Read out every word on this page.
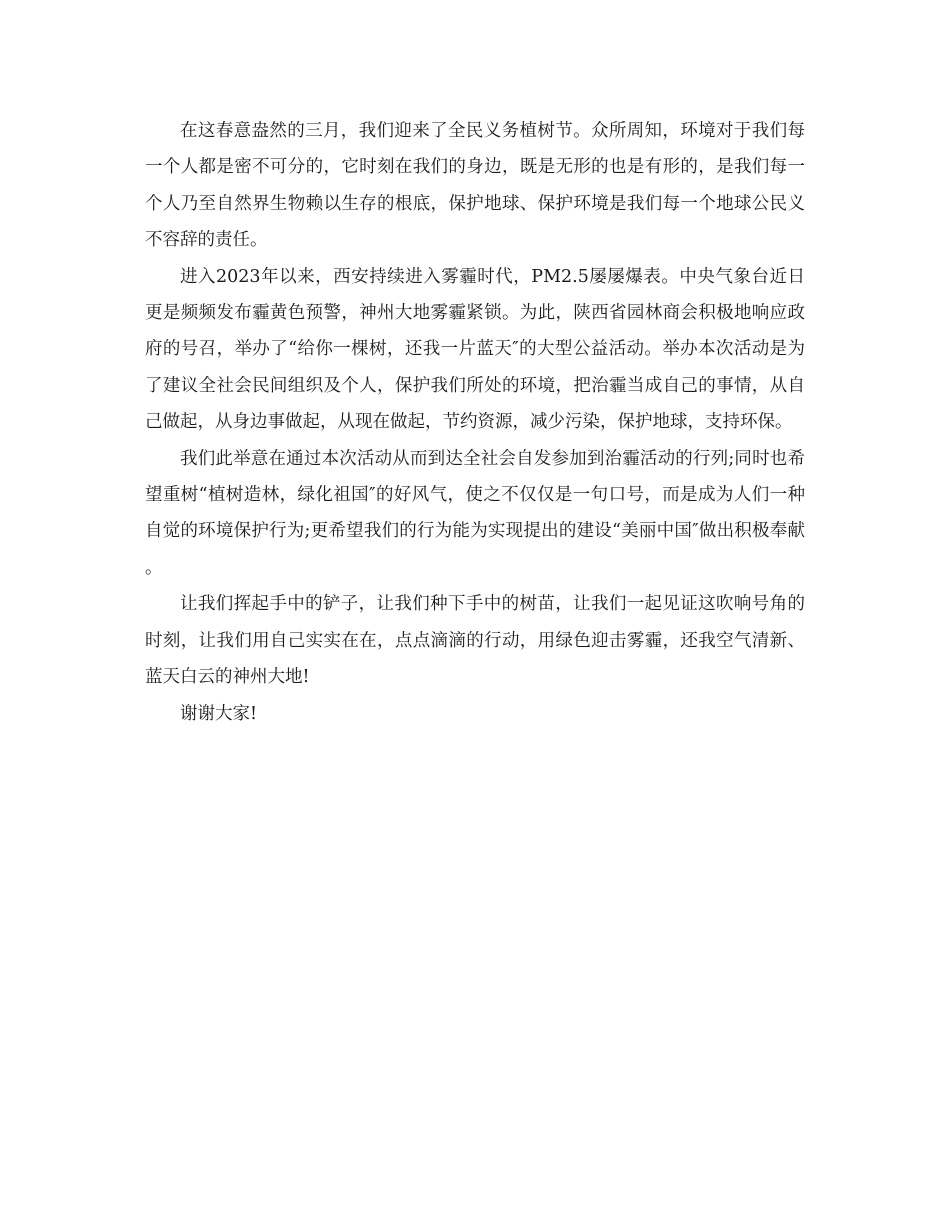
在这春意盎然的三月，我们迎来了全民义务植树节。众所周知，环境对于我们每一个人都是密不可分的，它时刻在我们的身边，既是无形的也是有形的，是我们每一个人乃至自然界生物赖以生存的根底，保护地球、保护环境是我们每一个地球公民义不容辞的责任。

进入2023年以来，西安持续进入雾霾时代，PM2.5屡屡爆表。中央气象台近日更是频频发布霾黄色预警，神州大地雾霾紧锁。为此，陕西省园林商会积极地响应政府的号召，举办了“给你一棵树，还我一片蓝天″的大型公益活动。举办本次活动是为了建议全社会民间组织及个人，保护我们所处的环境，把治霾当成自己的事情，从自己做起，从身边事做起，从现在做起，节约资源，减少污染，保护地球，支持环保。

我们此举意在通过本次活动从而到达全社会自发参加到治霾活动的行列;同时也希望重树“植树造林，绿化祖国″的好风气，使之不仅仅是一句口号，而是成为人们一种自觉的环境保护行为;更希望我们的行为能为实现提出的建设“美丽中国″做出积极奉献。

让我们挥起手中的铲子，让我们种下手中的树苗，让我们一起见证这吹响号角的时刻，让我们用自己实实在在，点点滴滴的行动，用绿色迎击雾霾，还我空气清新、蓝天白云的神州大地!

谢谢大家!
